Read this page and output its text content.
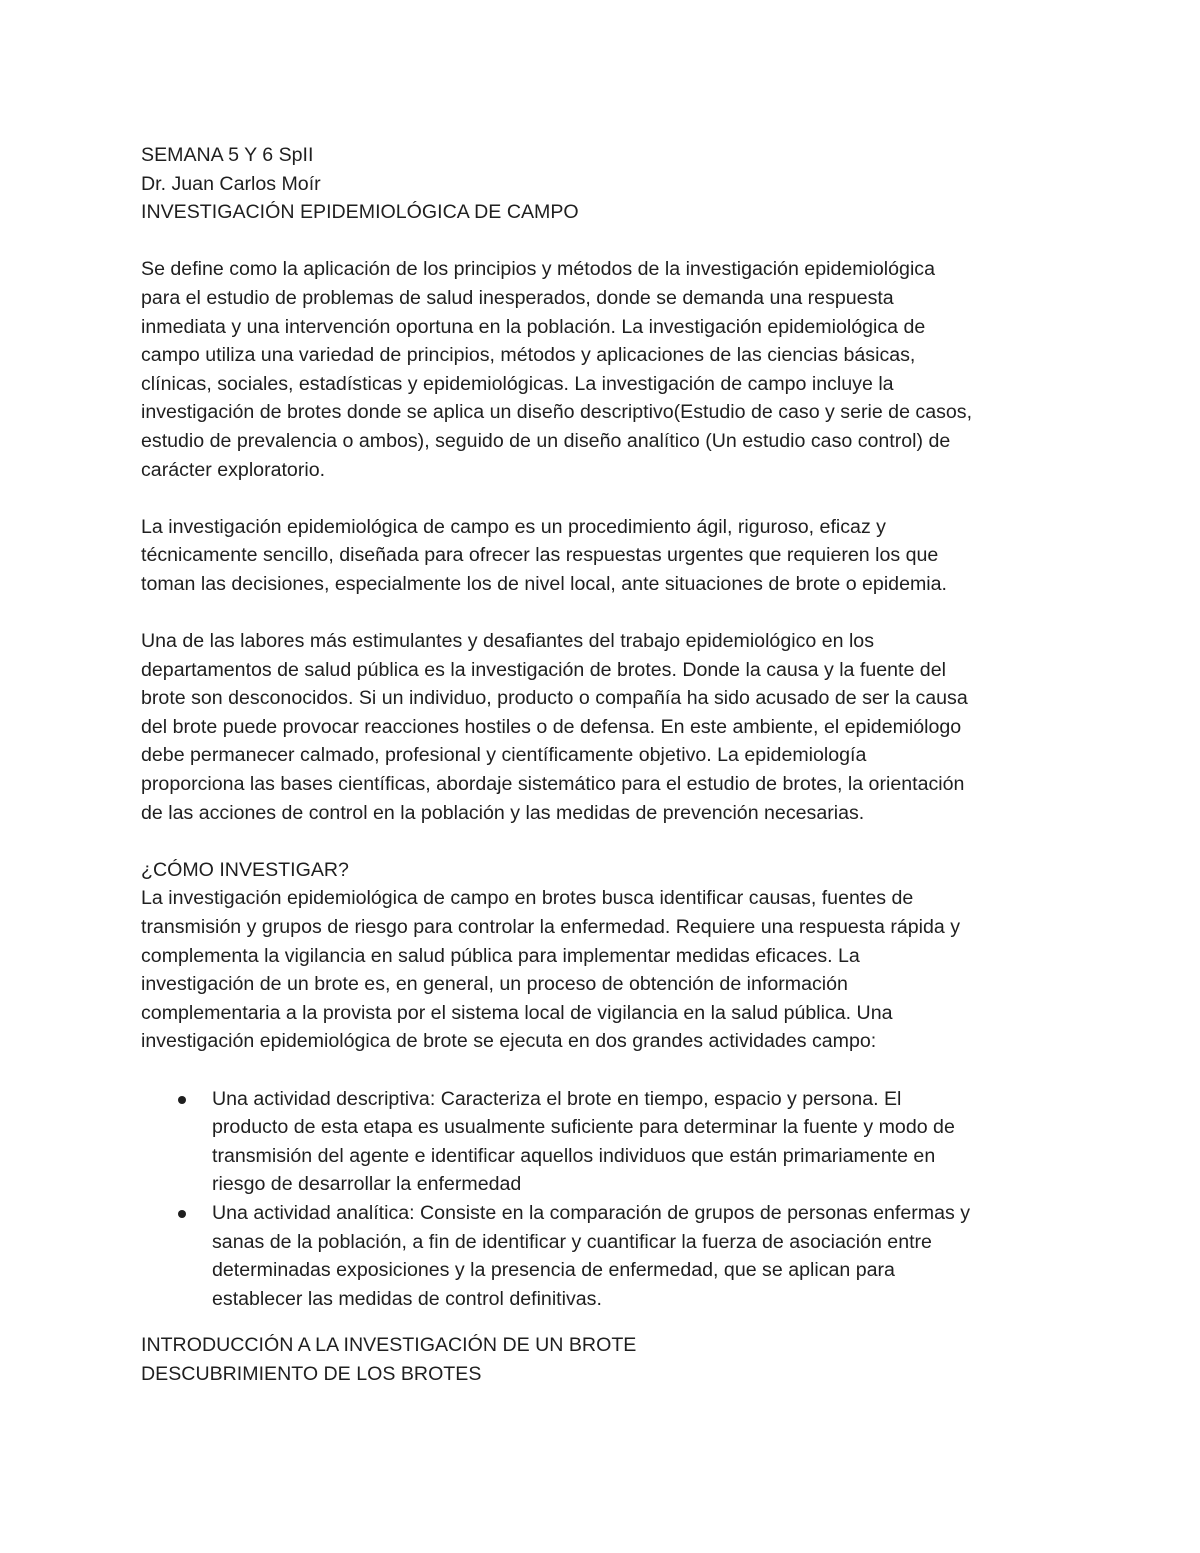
SEMANA 5 Y 6 SpII
Dr. Juan Carlos Moír
INVESTIGACIÓN EPIDEMIOLÓGICA DE CAMPO
Se define como la aplicación de los principios y métodos de la investigación epidemiológica
para el estudio de problemas de salud inesperados, donde se demanda una respuesta
inmediata y una intervención oportuna en la población. La investigación epidemiológica de
campo utiliza una variedad de principios, métodos y aplicaciones de las ciencias básicas,
clínicas, sociales, estadísticas y epidemiológicas. La investigación de campo incluye la
investigación de brotes donde se aplica un diseño descriptivo(Estudio de caso y serie de casos,
estudio de prevalencia o ambos), seguido de un diseño analítico (Un estudio caso control) de
carácter exploratorio.
La investigación epidemiológica de campo es un procedimiento ágil, riguroso, eficaz y
técnicamente sencillo, diseñada para ofrecer las respuestas urgentes que requieren los que
toman las decisiones, especialmente los de nivel local, ante situaciones de brote o epidemia.
Una de las labores más estimulantes y desafiantes del trabajo epidemiológico en los
departamentos de salud pública es la investigación de brotes. Donde la causa y la fuente del
brote son desconocidos. Si un individuo, producto o compañía ha sido acusado de ser la causa
del brote puede provocar reacciones hostiles o de defensa. En este ambiente, el epidemiólogo
debe permanecer calmado, profesional y científicamente objetivo. La epidemiología
proporciona las bases científicas, abordaje sistemático para el estudio de brotes, la orientación
de las acciones de control en la población y las medidas de prevención necesarias.
¿CÓMO INVESTIGAR?
La investigación epidemiológica de campo en brotes busca identificar causas, fuentes de
transmisión y grupos de riesgo para controlar la enfermedad. Requiere una respuesta rápida y
complementa la vigilancia en salud pública para implementar medidas eficaces. La
investigación de un brote es, en general, un proceso de obtención de información
complementaria a la provista por el sistema local de vigilancia en la salud pública. Una
investigación epidemiológica de brote se ejecuta en dos grandes actividades campo:
Una actividad descriptiva: Caracteriza el brote en tiempo, espacio y persona. El
producto de esta etapa es usualmente suficiente para determinar la fuente y modo de
transmisión del agente e identificar aquellos individuos que están primariamente en
riesgo de desarrollar la enfermedad
Una actividad analítica: Consiste en la comparación de grupos de personas enfermas y
sanas de la población, a fin de identificar y cuantificar la fuerza de asociación entre
determinadas exposiciones y la presencia de enfermedad, que se aplican para
establecer las medidas de control definitivas.
INTRODUCCIÓN A LA INVESTIGACIÓN DE UN BROTE
DESCUBRIMIENTO DE LOS BROTES
